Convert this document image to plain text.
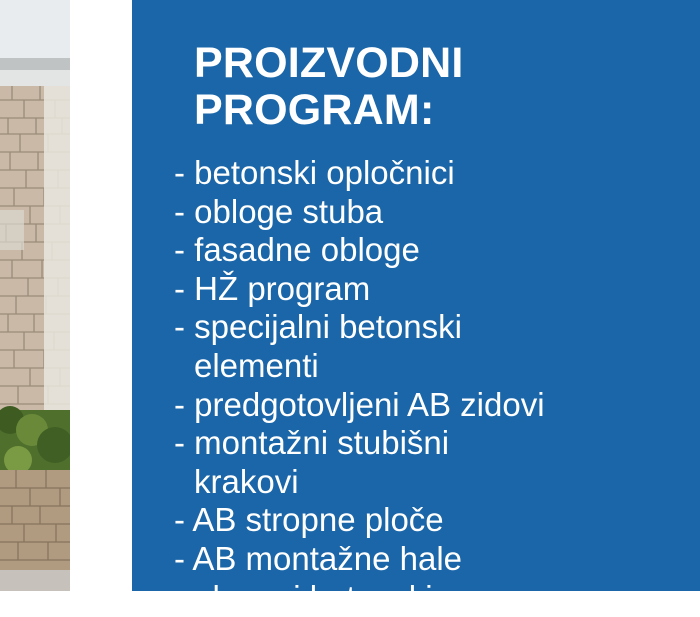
PROIZVODNI
PROGRAM:
- betonski opločnici
- obloge stuba
- fasadne obloge
- HŽ program
- specijalni betonski
elementi
- predgotovljeni AB zidovi
- montažni stubišni
krakovi
- AB stropne ploče
- AB montažne hale
- ukrasni betonski
